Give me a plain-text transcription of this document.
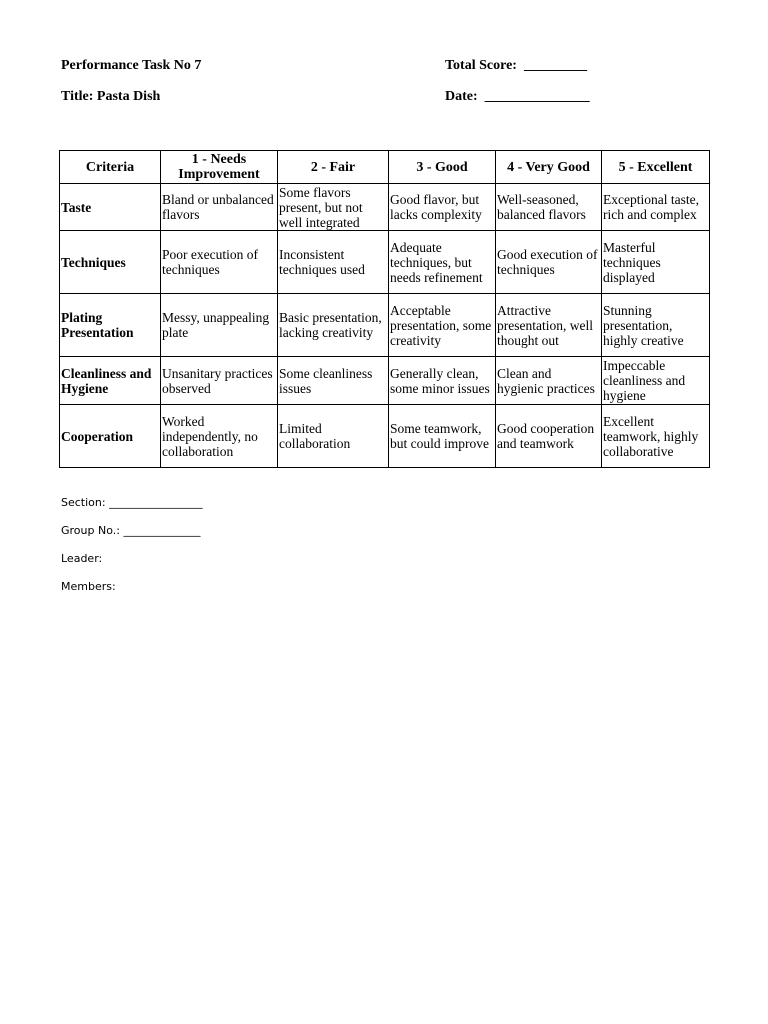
Performance Task No 7
Title: Pasta Dish
Total Score: _________
Date: _______________
Criteria	1 - Needs Improvement	2 - Fair	3 - Good	4 - Very Good	5 - Excellent
Taste	Bland or unbalanced flavors	Some flavors present, but not well integrated	Good flavor, but lacks complexity	Well-seasoned, balanced flavors	Exceptional taste, rich and complex
Techniques	Poor execution of techniques	Inconsistent techniques used	Adequate techniques, but needs refinement	Good execution of techniques	Masterful techniques displayed
Plating Presentation	Messy, unappealing plate	Basic presentation, lacking creativity	Acceptable presentation, some creativity	Attractive presentation, well thought out	Stunning presentation, highly creative
Cleanliness and Hygiene	Unsanitary practices observed	Some cleanliness issues	Generally clean, some minor issues	Clean and hygienic practices	Impeccable cleanliness and hygiene
Cooperation	Worked independently, no collaboration	Limited collaboration	Some teamwork, but could improve	Good cooperation and teamwork	Excellent teamwork, highly collaborative
Section: _________________
Group No.: ______________
Leader:
Members:
